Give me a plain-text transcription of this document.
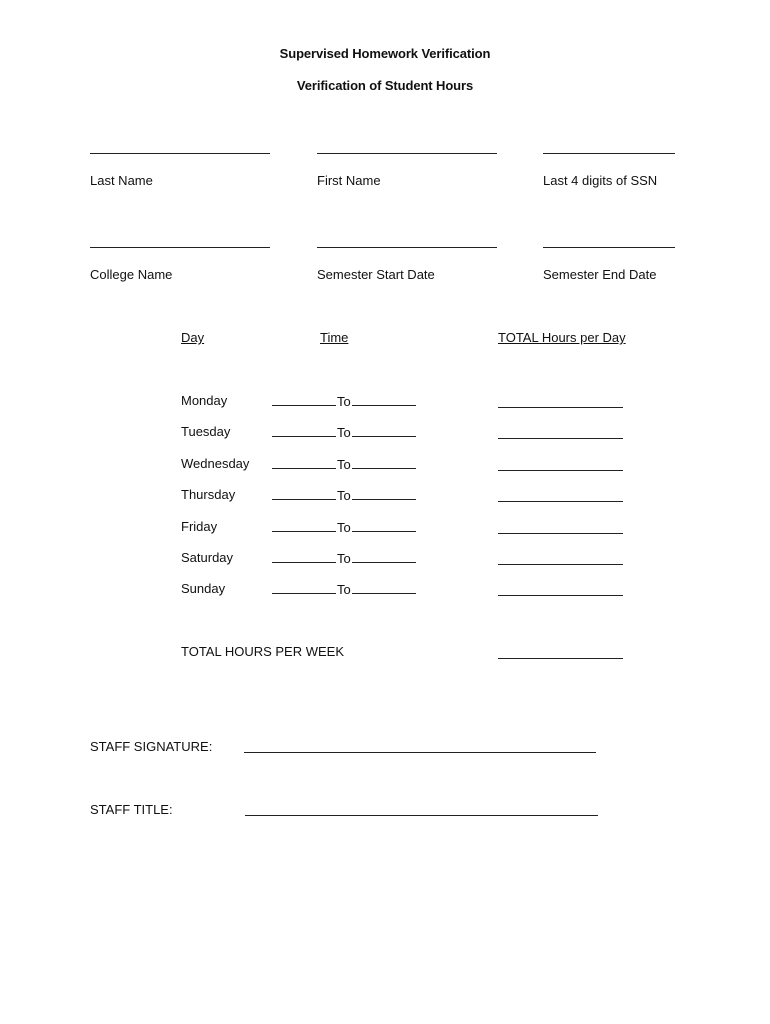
Supervised Homework Verification
Verification of Student Hours
Last Name	First Name	Last 4 digits of SSN
College Name	Semester Start Date	Semester End Date
Day	Time	TOTAL Hours per Day
Monday	To
Tuesday	To
Wednesday	To
Thursday	To
Friday	To
Saturday	To
Sunday	To
TOTAL HOURS PER WEEK
STAFF SIGNATURE:
STAFF TITLE:
